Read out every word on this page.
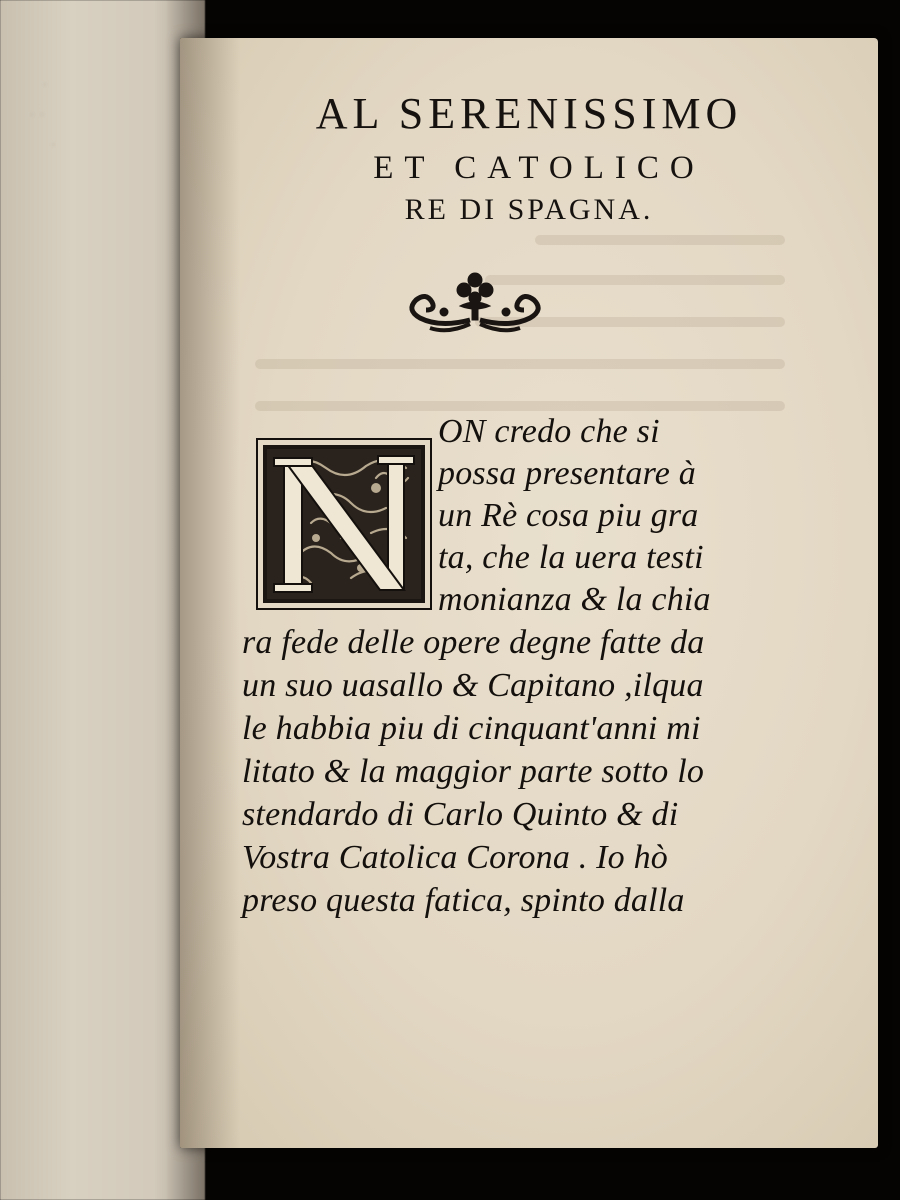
·
· ·
·
AL SERENISSIMO
ET CATOLICO
RE DI SPAGNA.
ON credo che si
possa presentare à
un Rè cosa piu gra
ta, che la uera testi
monianza & la chia
ra fede delle opere degne fatte da
un suo uasallo & Capitano ,ilqua
le habbia piu di cinquant'anni mi
litato & la maggior parte sotto lo
stendardo di Carlo Quinto & di
Vostra Catolica Corona . Io hò
preso questa fatica, spinto dalla
